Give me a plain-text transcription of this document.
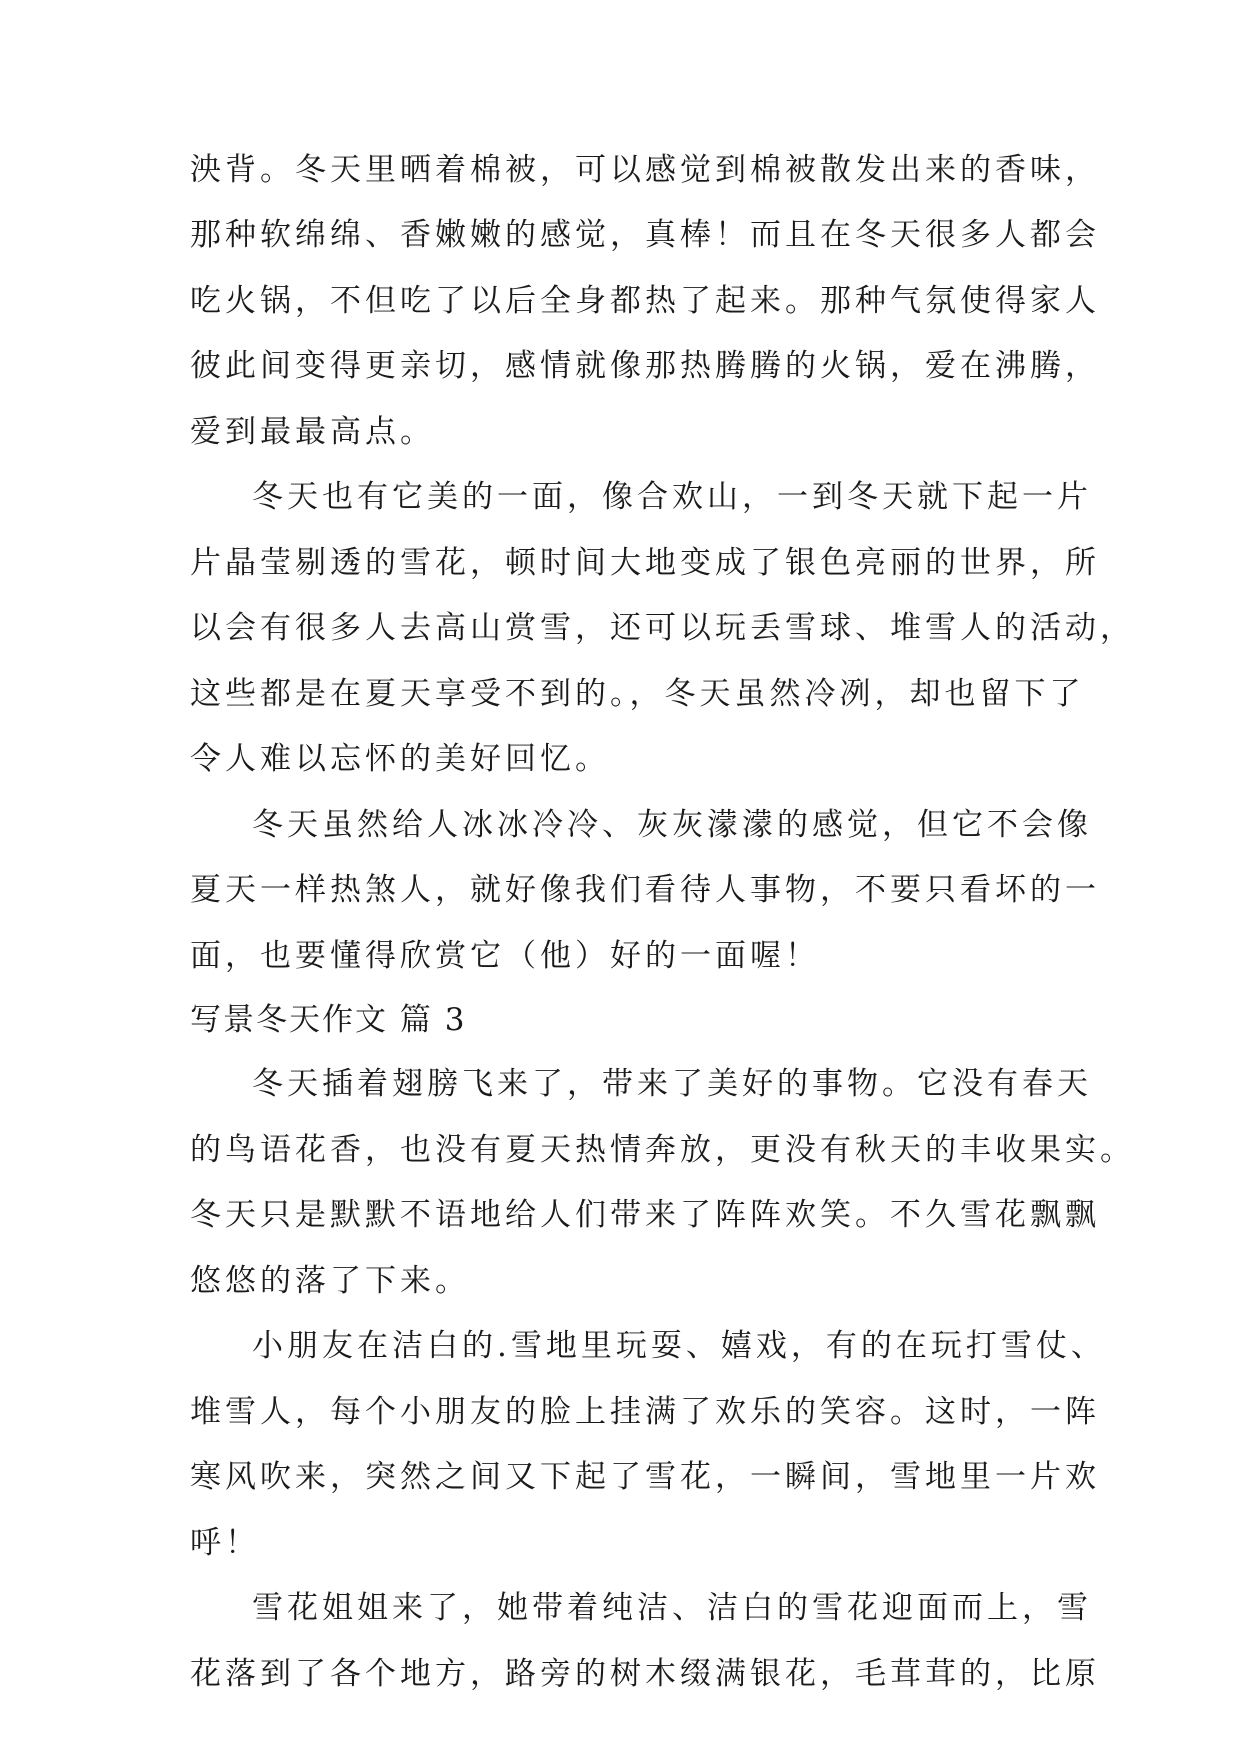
泱背。冬天里晒着棉被，可以感觉到棉被散发出来的香味，
那种软绵绵、香嫩嫩的感觉，真棒！而且在冬天很多人都会
吃火锅，不但吃了以后全身都热了起来。那种气氛使得家人
彼此间变得更亲切，感情就像那热腾腾的火锅，爱在沸腾，
爱到最最高点。
冬天也有它美的一面，像合欢山，一到冬天就下起一片
片晶莹剔透的雪花，顿时间大地变成了银色亮丽的世界，所
以会有很多人去高山赏雪，还可以玩丢雪球、堆雪人的活动，
这些都是在夏天享受不到的。，冬天虽然冷冽，却也留下了
令人难以忘怀的美好回忆。
冬天虽然给人冰冰冷冷、灰灰濛濛的感觉，但它不会像
夏天一样热煞人，就好像我们看待人事物，不要只看坏的一
面，也要懂得欣赏它（他）好的一面喔！
写景冬天作文 篇 3
冬天插着翅膀飞来了，带来了美好的事物。它没有春天
的鸟语花香，也没有夏天热情奔放，更没有秋天的丰收果实。
冬天只是默默不语地给人们带来了阵阵欢笑。不久雪花飘飘
悠悠的落了下来。
小朋友在洁白的.雪地里玩耍、嬉戏，有的在玩打雪仗、
堆雪人，每个小朋友的脸上挂满了欢乐的笑容。这时，一阵
寒风吹来，突然之间又下起了雪花，一瞬间，雪地里一片欢
呼！
雪花姐姐来了，她带着纯洁、洁白的雪花迎面而上，雪
花落到了各个地方，路旁的树木缀满银花，毛茸茸的，比原
